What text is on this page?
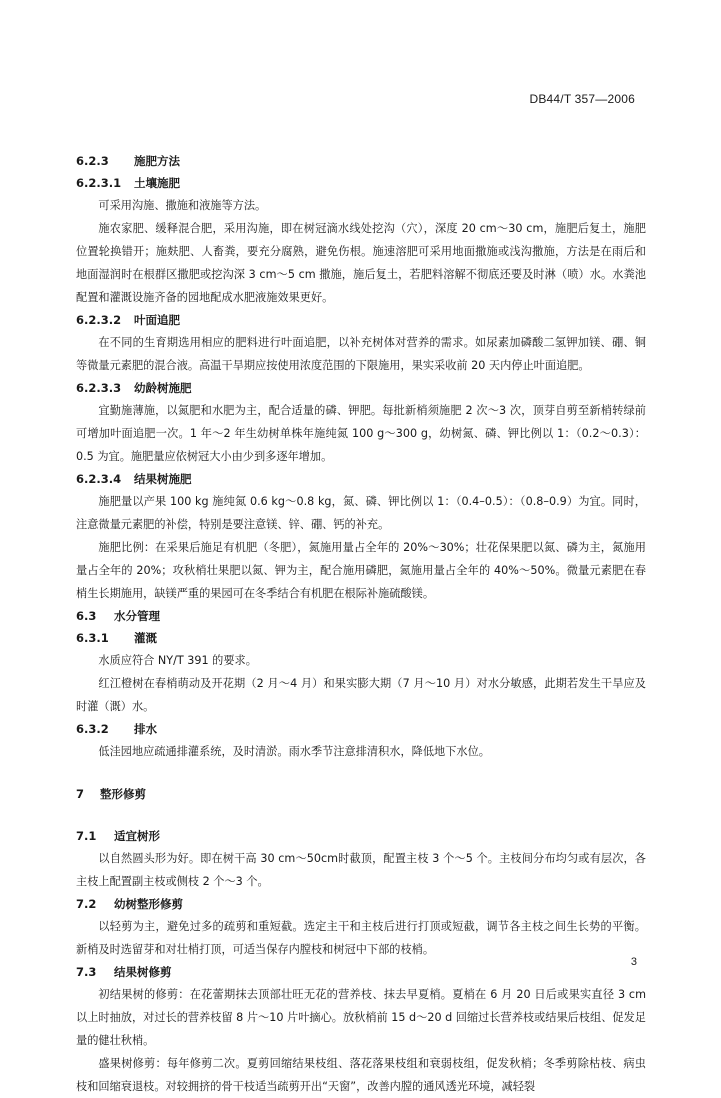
DB44/T 357—2006
6.2.3 施肥方法
6.2.3.1 土壤施肥

可采用沟施、撒施和液施等方法。

施农家肥、缓释混合肥，采用沟施，即在树冠滴水线处挖沟（穴），深度 20 cm～30 cm，施肥后复土，施肥位置轮换错开；施麸肥、人畜粪，要充分腐熟，避免伤根。施速溶肥可采用地面撒施或浅沟撒施，方法是在雨后和地面湿润时在根群区撒肥或挖沟深 3 cm～5 cm 撒施，施后复土，若肥料溶解不彻底还要及时淋（喷）水。水粪池配置和灌溉设施齐备的园地配成水肥液施效果更好。

6.2.3.2 叶面追肥

在不同的生育期选用相应的肥料进行叶面追肥，以补充树体对营养的需求。如尿素加磷酸二氢钾加镁、硼、铜等微量元素肥的混合液。高温干旱期应按使用浓度范围的下限施用，果实采收前 20 天内停止叶面追肥。

6.2.3.3 幼龄树施肥

宜勤施薄施，以氮肥和水肥为主，配合适量的磷、钾肥。每批新梢须施肥 2 次～3 次，顶芽自剪至新梢转绿前可增加叶面追肥一次。1 年～2 年生幼树单株年施纯氮 100 g～300 g，幼树氮、磷、钾比例以 1：（0.2～0.3）：0.5 为宜。施肥量应依树冠大小由少到多逐年增加。

6.2.3.4 结果树施肥

施肥量以产果 100 kg 施纯氮 0.6 kg～0.8 kg，氮、磷、钾比例以 1：（0.4–0.5）：（0.8–0.9）为宜。同时，注意微量元素肥的补偿，特别是要注意镁、锌、硼、钙的补充。

施肥比例：在采果后施足有机肥（冬肥），氮施用量占全年的 20%～30%；壮花保果肥以氮、磷为主，氮施用量占全年的 20%；攻秋梢壮果肥以氮、钾为主，配合施用磷肥，氮施用量占全年的 40%～50%。微量元素肥在春梢生长期施用，缺镁严重的果园可在冬季结合有机肥在根际补施硫酸镁。

6.3 水分管理
6.3.1 灌溉

水质应符合 NY/T 391 的要求。

红江橙树在春梢萌动及开花期（2 月～4 月）和果实膨大期（7 月～10 月）对水分敏感，此期若发生干旱应及时灌（溉）水。

6.3.2 排水

低洼园地应疏通排灌系统，及时清淤。雨水季节注意排清积水，降低地下水位。

7 整形修剪
7.1 适宜树形

以自然圆头形为好。即在树干高 30 cm～50cm时截顶，配置主枝 3 个～5 个。主枝间分布均匀或有层次，各主枝上配置副主枝或侧枝 2 个～3 个。

7.2 幼树整形修剪

以轻剪为主，避免过多的疏剪和重短截。选定主干和主枝后进行打顶或短截，调节各主枝之间生长势的平衡。新梢及时选留芽和对壮梢打顶，可适当保存内膛枝和树冠中下部的枝梢。

7.3 结果树修剪

初结果树的修剪：在花蕾期抹去顶部壮旺无花的营养枝、抹去早夏梢。夏梢在 6 月 20 日后或果实直径 3 cm 以上时抽放，对过长的营养枝留 8 片～10 片叶摘心。放秋梢前 15 d～20 d 回缩过长营养枝或结果后枝组、促发足量的健壮秋梢。

盛果树修剪：每年修剪二次。夏剪回缩结果枝组、落花落果枝组和衰弱枝组，促发秋梢；冬季剪除枯枝、病虫枝和回缩衰退枝。对较拥挤的骨干枝适当疏剪开出“天窗”，改善内膛的通风透光环境，减轻裂

3
